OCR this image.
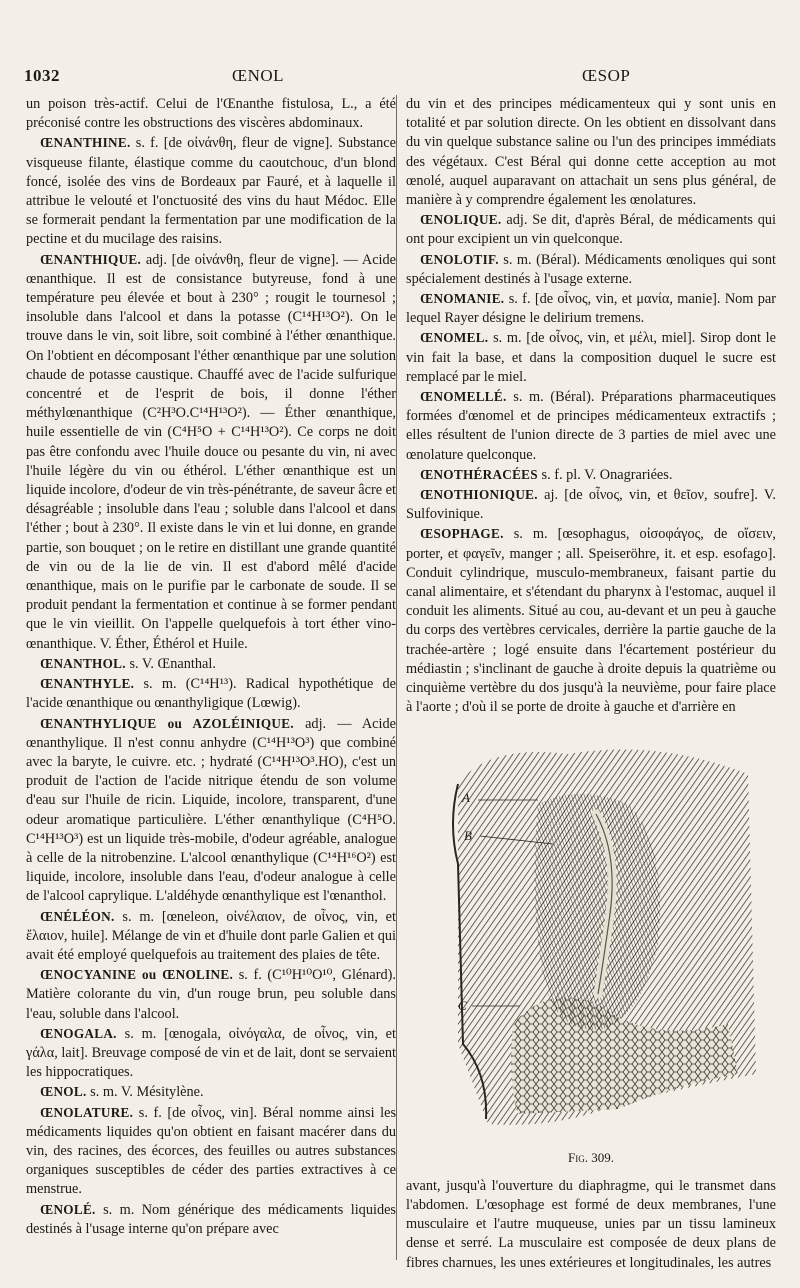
1032	ŒNOL	ŒSOP

un poison très-actif. Celui de l'Œnanthe fistulosa, L., a été préconisé contre les obstructions des viscères abdominaux.

ŒNANTHINE. s. f. [de οἰνάνθη, fleur de vigne]. Substance visqueuse filante, élastique comme du caoutchouc, d'un blond foncé, isolée des vins de Bordeaux par Fauré, et à laquelle il attribue le velouté et l'onctuosité des vins du haut Médoc. Elle se formerait pendant la fermentation par une modification de la pectine et du mucilage des raisins.

ŒNANTHIQUE. adj. [de οἰνάνθη, fleur de vigne]. — Acide œnanthique. Il est de consistance butyreuse, fond à une température peu élevée et bout à 230° ; rougit le tournesol ; insoluble dans l'alcool et dans la potasse (C¹⁴H¹³O²). On le trouve dans le vin, soit libre, soit combiné à l'éther œnanthique. On l'obtient en décomposant l'éther œnanthique par une solution chaude de potasse caustique. Chauffé avec de l'acide sulfurique concentré et de l'esprit de bois, il donne l'éther méthylœnanthique (C²H³O.C¹⁴H¹³O²). — Éther œnanthique, huile essentielle de vin (C⁴H⁵O + C¹⁴H¹³O²). Ce corps ne doit pas être confondu avec l'huile douce ou pesante du vin, ni avec l'huile légère du vin ou éthérol. L'éther œnanthique est un liquide incolore, d'odeur de vin très-pénétrante, de saveur âcre et désagréable ; insoluble dans l'eau ; soluble dans l'alcool et dans l'éther ; bout à 230°. Il existe dans le vin et lui donne, en grande partie, son bouquet ; on le retire en distillant une grande quantité de vin ou de la lie de vin. Il est d'abord mêlé d'acide œnanthique, mais on le purifie par le carbonate de soude. Il se produit pendant la fermentation et continue à se former pendant que le vin vieillit. On l'appelle quelquefois à tort éther vino-œnanthique. V. Éther, Éthérol et Huile.

ŒNANTHOL. s. V. Œnanthal.

ŒNANTHYLE. s. m. (C¹⁴H¹³). Radical hypothétique de l'acide œnanthique ou œnanthyligique (Lœwig).

ŒNANTHYLIQUE ou AZOLÉINIQUE. adj. — Acide œnanthylique. Il n'est connu anhydre (C¹⁴H¹³O³) que combiné avec la baryte, le cuivre. etc. ; hydraté (C¹⁴H¹³O³.HO), c'est un produit de l'action de l'acide nitrique étendu de son volume d'eau sur l'huile de ricin. Liquide, incolore, transparent, d'une odeur aromatique particulière. L'éther œnanthylique (C⁴H⁵O. C¹⁴H¹³O³) est un liquide très-mobile, d'odeur agréable, analogue à celle de la nitrobenzine. L'alcool œnanthylique (C¹⁴H¹⁶O²) est liquide, incolore, insoluble dans l'eau, d'odeur analogue à celle de l'alcool caprylique. L'aldéhyde œnanthylique est l'œnanthol.

ŒNÉLÉON. s. m. [œneleon, οἰνέλαιον, de οἶνος, vin, et ἔλαιον, huile]. Mélange de vin et d'huile dont parle Galien et qui avait été employé quelquefois au traitement des plaies de tête.

ŒNOCYANINE ou ŒNOLINE. s. f. (C¹⁰H¹⁰O¹⁰, Glénard). Matière colorante du vin, d'un rouge brun, peu soluble dans l'eau, soluble dans l'alcool.

ŒNOGALA. s. m. [œnogala, οἰνόγαλα, de οἶνος, vin, et γάλα, lait]. Breuvage composé de vin et de lait, dont se servaient les hippocratiques.

ŒNOL. s. m. V. Mésitylène.

ŒNOLATURE. s. f. [de οἶνος, vin]. Béral nomme ainsi les médicaments liquides qu'on obtient en faisant macérer dans du vin, des racines, des écorces, des feuilles ou autres substances organiques susceptibles de céder des parties extractives à ce menstrue.

ŒNOLÉ. s. m. Nom générique des médicaments liquides destinés à l'usage interne qu'on prépare avec

du vin et des principes médicamenteux qui y sont unis en totalité et par solution directe. On les obtient en dissolvant dans du vin quelque substance saline ou l'un des principes immédiats des végétaux. C'est Béral qui donne cette acception au mot œnolé, auquel auparavant on attachait un sens plus général, de manière à y comprendre également les œnolatures.

ŒNOLIQUE. adj. Se dit, d'après Béral, de médicaments qui ont pour excipient un vin quelconque.

ŒNOLOTIF. s. m. (Béral). Médicaments œnoliques qui sont spécialement destinés à l'usage externe.

ŒNOMANIE. s. f. [de οἶνος, vin, et μανία, manie]. Nom par lequel Rayer désigne le delirium tremens.

ŒNOMEL. s. m. [de οἶνος, vin, et μέλι, miel]. Sirop dont le vin fait la base, et dans la composition duquel le sucre est remplacé par le miel.

ŒNOMELLÉ. s. m. (Béral). Préparations pharmaceutiques formées d'œnomel et de principes médicamenteux extractifs ; elles résultent de l'union directe de 3 parties de miel avec une œnolature quelconque.

ŒNOTHÉRACÉES s. f. pl. V. Onagrariées.

ŒNOTHIONIQUE. aj. [de οἶνος, vin, et θεῖον, soufre]. V. Sulfovinique.

ŒSOPHAGE. s. m. [œsophagus, οἰσοφάγος, de οἴσειν, porter, et φαγεῖν, manger ; all. Speiseröhre, it. et esp. esofago]. Conduit cylindrique, musculo-membraneux, faisant partie du canal alimentaire, et s'étendant du pharynx à l'estomac, auquel il conduit les aliments. Situé au cou, au-devant et un peu à gauche du corps des vertèbres cervicales, derrière la partie gauche de la trachée-artère ; logé ensuite dans l'écartement postérieur du médiastin ; s'inclinant de gauche à droite depuis la quatrième ou cinquième vertèbre du dos jusqu'à la neuvième, pour faire place à l'aorte ; d'où il se porte de droite à gauche et d'arrière en

A
B
C
Fig. 309.

avant, jusqu'à l'ouverture du diaphragme, qui le transmet dans l'abdomen. L'œsophage est formé de deux membranes, l'une musculaire et l'autre muqueuse, unies par un tissu lamineux dense et serré. La musculaire est composée de deux plans de fibres charnues, les unes extérieures et longitudinales, les autres
